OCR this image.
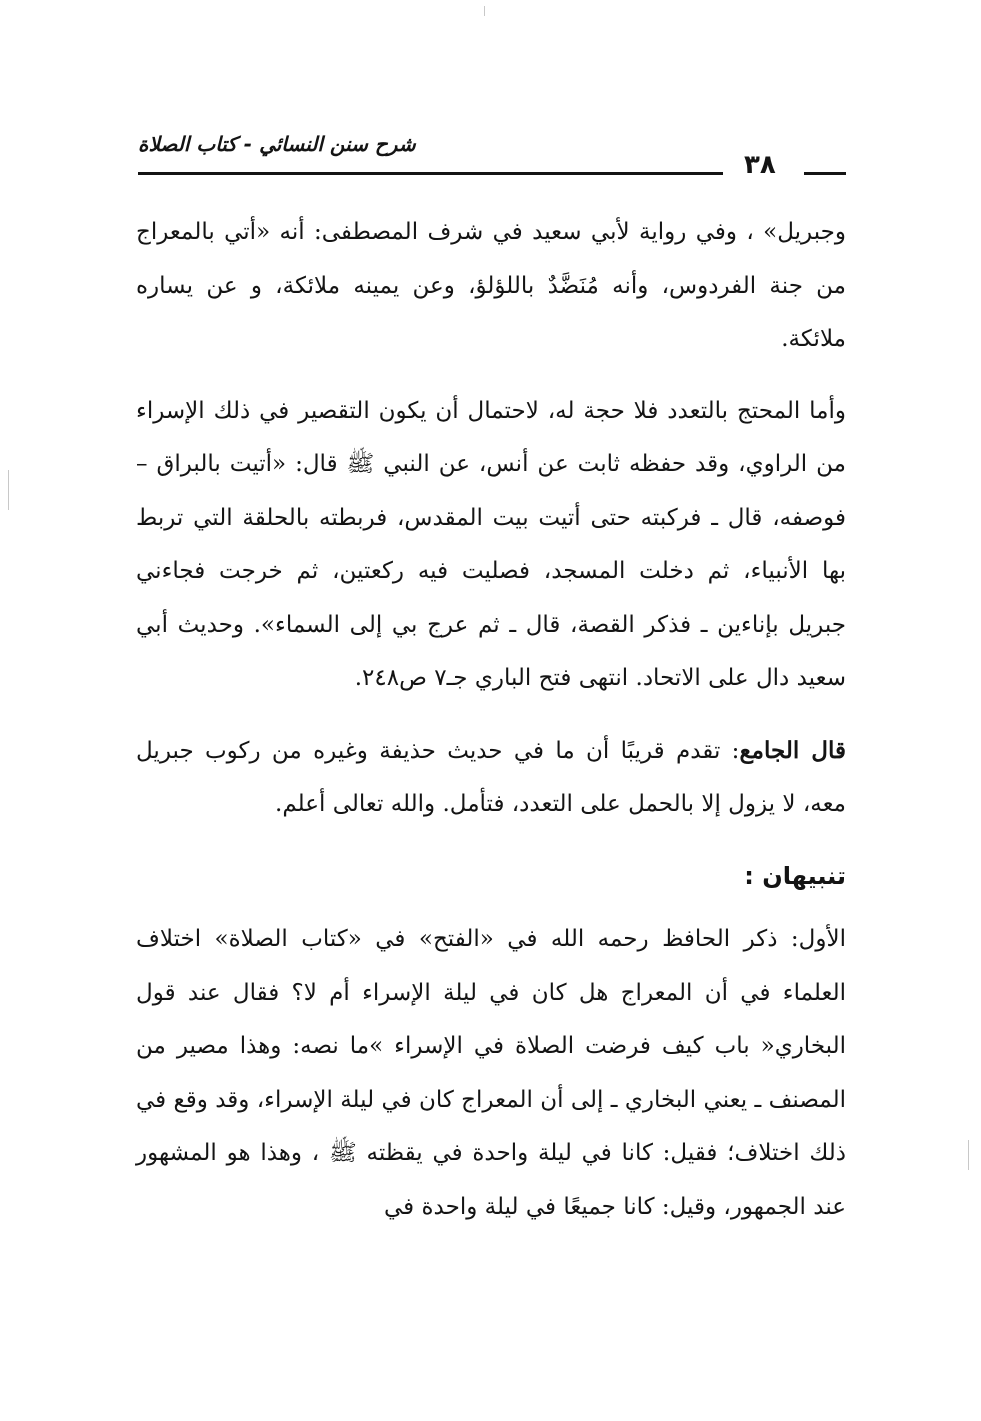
شرح سنن النسائي - كتاب الصلاة
٣٨

وجبريل» ، وفي رواية لأبي سعيد في شرف المصطفى: أنه «أتي بالمعراج من جنة الفردوس، وأنه مُنَضَّدٌ باللؤلؤ، وعن يمينه ملائكة، و عن يساره ملائكة.

وأما المحتج بالتعدد فلا حجة له، لاحتمال أن يكون التقصير في ذلك الإسراء من الراوي، وقد حفظه ثابت عن أنس، عن النبي ﷺ قال: «أتيت بالبراق – فوصفه، قال ـ فركبته حتى أتيت بيت المقدس، فربطته بالحلقة التي تربط بها الأنبياء، ثم دخلت المسجد، فصليت فيه ركعتين، ثم خرجت فجاءني جبريل بإناءين ـ فذكر القصة، قال ـ ثم عرج بي إلى السماء». وحديث أبي سعيد دال على الاتحاد. انتهى فتح الباري جـ٧ ص٢٤٨.

قال الجامع: تقدم قريبًا أن ما في حديث حذيفة وغيره من ركوب جبريل معه، لا يزول إلا بالحمل على التعدد، فتأمل. والله تعالى أعلم.

تنبيهان :

الأول: ذكر الحافظ رحمه الله في «الفتح» في «كتاب الصلاة» اختلاف العلماء في أن المعراج هل كان في ليلة الإسراء أم لا؟ فقال عند قول البخاري« باب كيف فرضت الصلاة في الإسراء »ما نصه: وهذا مصير من المصنف ـ يعني البخاري ـ إلى أن المعراج كان في ليلة الإسراء، وقد وقع في ذلك اختلاف؛ فقيل: كانا في ليلة واحدة في يقظته ﷺ ، وهذا هو المشهور عند الجمهور، وقيل: كانا جميعًا في ليلة واحدة في
